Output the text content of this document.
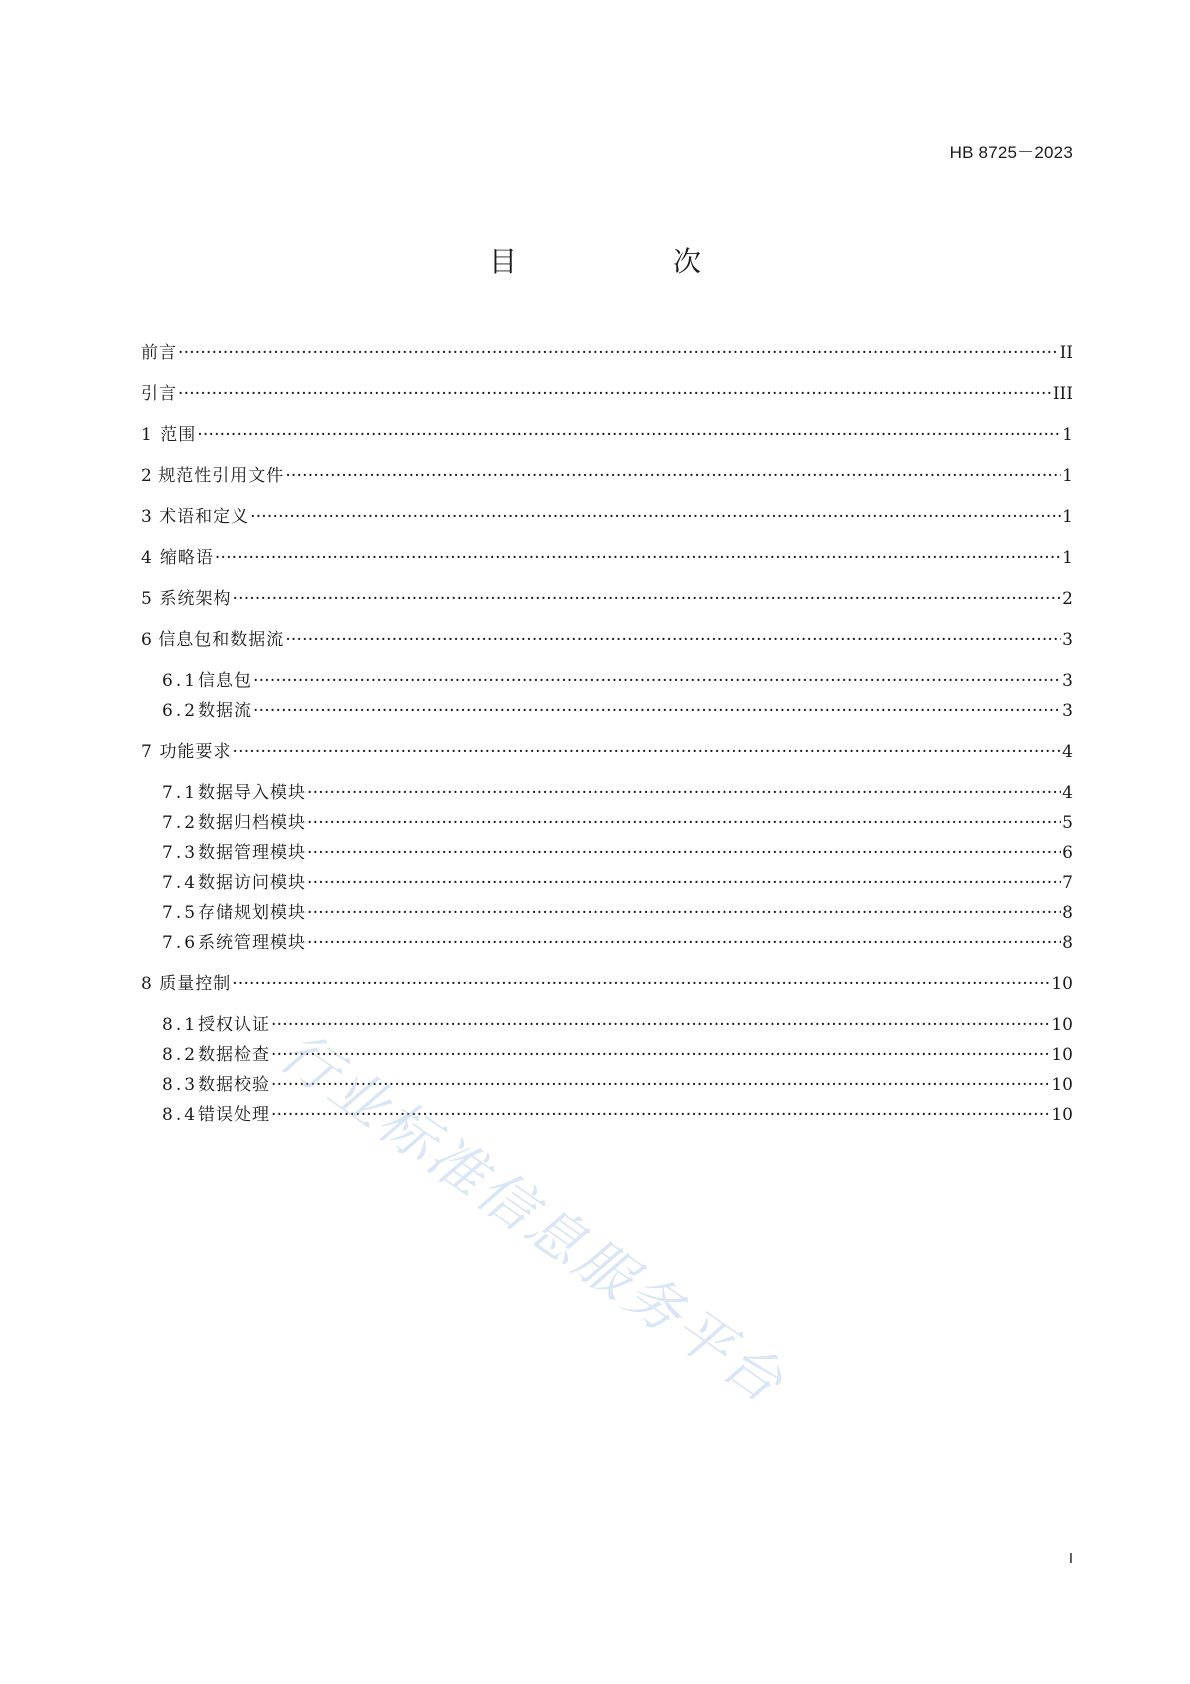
HB 8725－2023
目　次
前言 ·····	II
引言 ·····	III
1 范围 ·····	1
2 规范性引用文件 ·····	1
3 术语和定义 ·····	1
4 缩略语 ·····	1
5 系统架构 ·····	2
6 信息包和数据流 ·····	3
6.1 信息包 ·····	3
6.2 数据流 ·····	3
7 功能要求 ·····	4
7.1 数据导入模块 ·····	4
7.2 数据归档模块 ·····	5
7.3 数据管理模块 ·····	6
7.4 数据访问模块 ·····	7
7.5 存储规划模块 ·····	8
7.6 系统管理模块 ·····	8
8 质量控制 ·····	10
8.1 授权认证 ·····	10
8.2 数据检查 ·····	10
8.3 数据校验 ·····	10
8.4 错误处理 ·····	10
行业标准信息服务平台
I
